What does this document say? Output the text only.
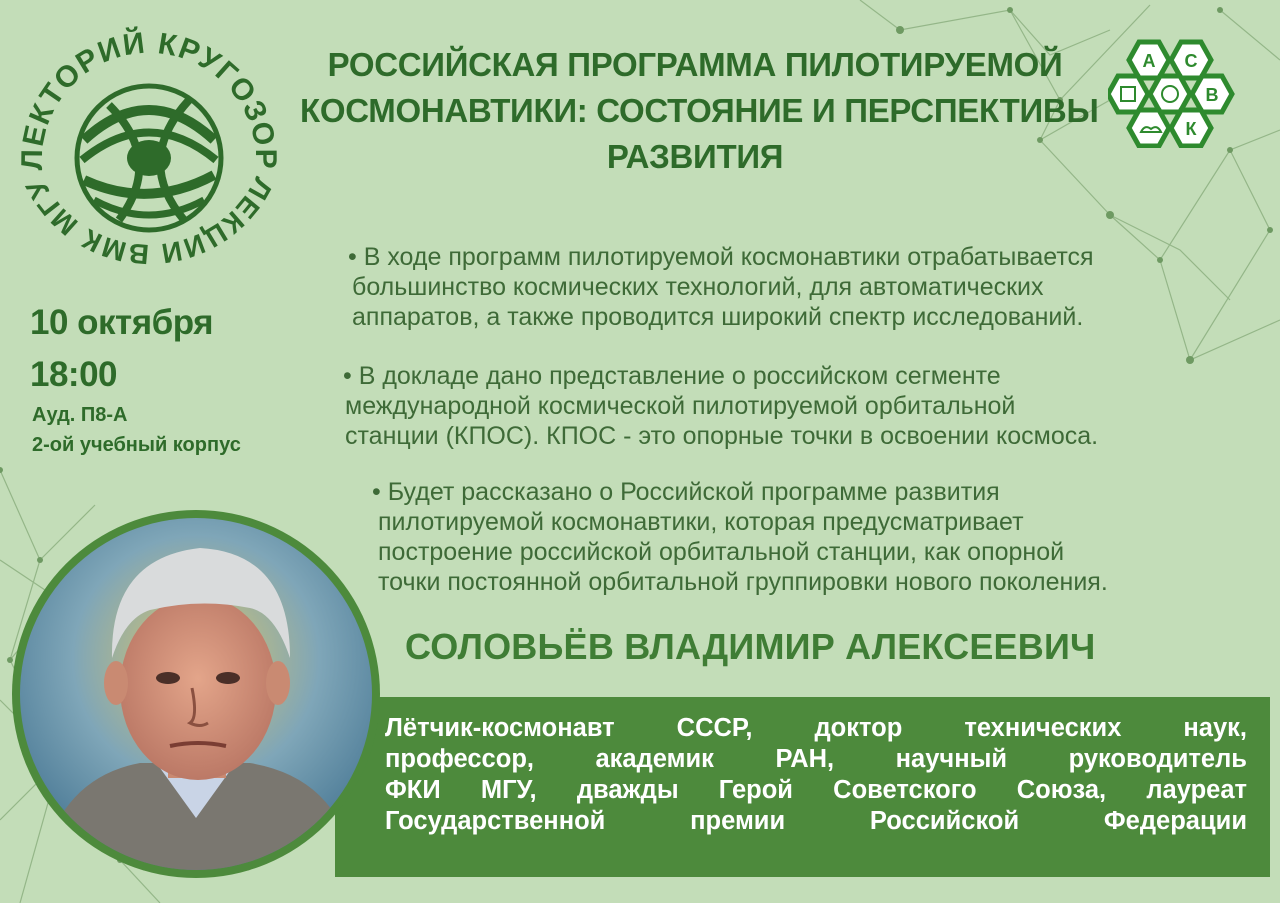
ЛЕКТОРИЙ КРУГОЗОР
ЛЕКЦИИ ВМК МГУ
10 октября
18:00
Ауд. П8-А
2-ой учебный корпус
РОССИЙСКАЯ ПРОГРАММА ПИЛОТИРУЕМОЙ
КОСМОНАВТИКИ: СОСТОЯНИЕ И ПЕРСПЕКТИВЫ
РАЗВИТИЯ
А С
В
К
• В ходе программ пилотируемой космонавтики отрабатывается
большинство космических технологий, для автоматических
аппаратов, а также проводится широкий спектр исследований.
• В докладе дано представление о российском сегменте
международной космической пилотируемой орбитальной
станции (КПОС). КПОС - это опорные точки в освоении космоса.
• Будет рассказано о Российской программе развития
пилотируемой космонавтики, которая предусматривает
построение российской орбитальной станции, как опорной
точки постоянной орбитальной группировки нового поколения.
СОЛОВЬЁВ ВЛАДИМИР АЛЕКСЕЕВИЧ
Лётчик-космонавт СССР, доктор технических наук,
профессор, академик РАН, научный руководитель
ФКИ МГУ, дважды Герой Советского Союза, лауреат
Государственной премии Российской Федерации
